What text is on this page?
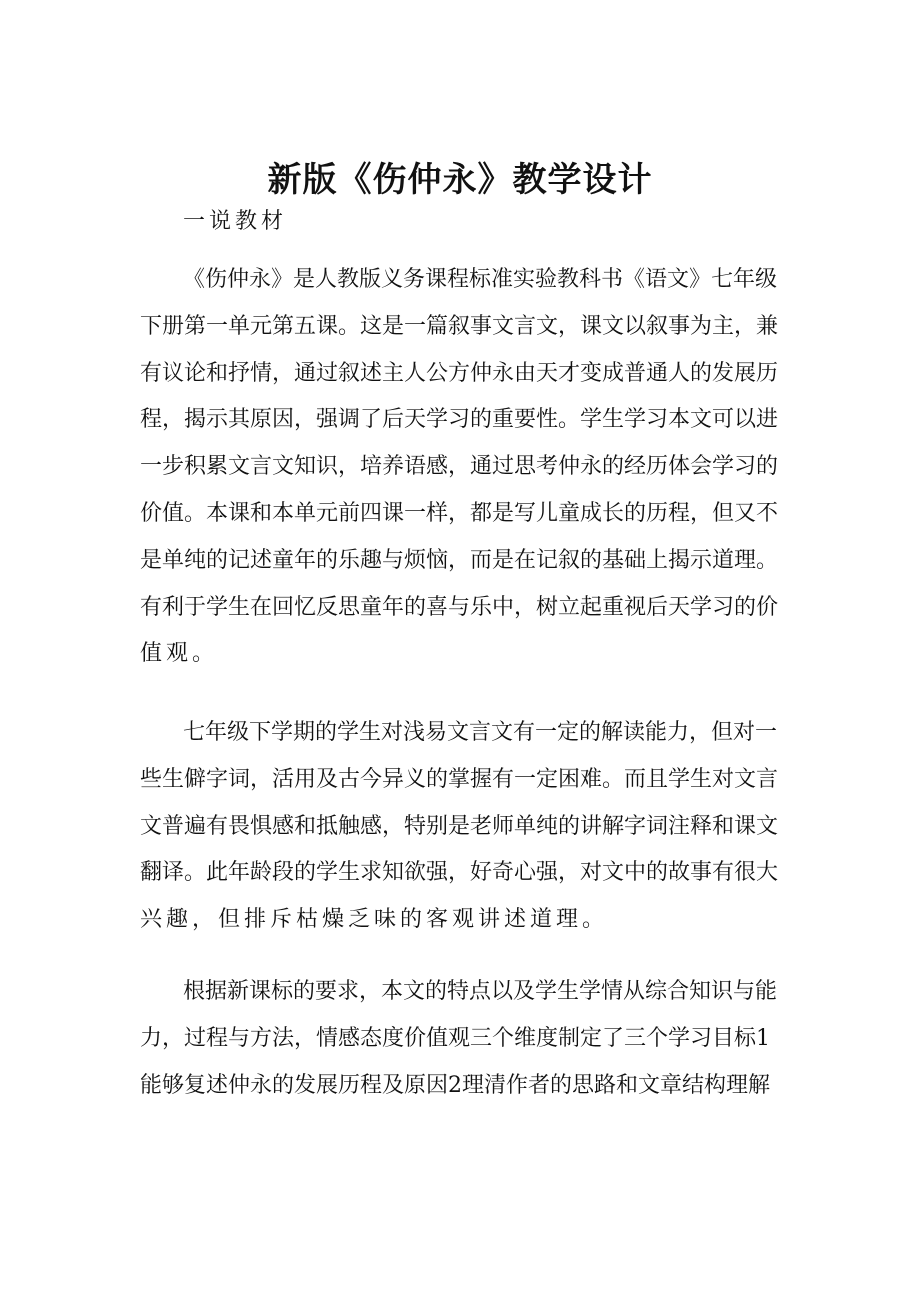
新版《伤仲永》教学设计
一说教材
《伤仲永》是人教版义务课程标准实验教科书《语文》七年级
下册第一单元第五课。这是一篇叙事文言文，课文以叙事为主，兼
有议论和抒情，通过叙述主人公方仲永由天才变成普通人的发展历
程，揭示其原因，强调了后天学习的重要性。学生学习本文可以进
一步积累文言文知识，培养语感，通过思考仲永的经历体会学习的
价值。本课和本单元前四课一样，都是写儿童成长的历程，但又不
是单纯的记述童年的乐趣与烦恼，而是在记叙的基础上揭示道理。
有利于学生在回忆反思童年的喜与乐中，树立起重视后天学习的价
值观。
七年级下学期的学生对浅易文言文有一定的解读能力，但对一
些生僻字词，活用及古今异义的掌握有一定困难。而且学生对文言
文普遍有畏惧感和抵触感，特别是老师单纯的讲解字词注释和课文
翻译。此年龄段的学生求知欲强，好奇心强，对文中的故事有很大
兴趣，但排斥枯燥乏味的客观讲述道理。
根据新课标的要求，本文的特点以及学生学情从综合知识与能
力，过程与方法，情感态度价值观三个维度制定了三个学习目标1
能够复述仲永的发展历程及原因2理清作者的思路和文章结构理解
